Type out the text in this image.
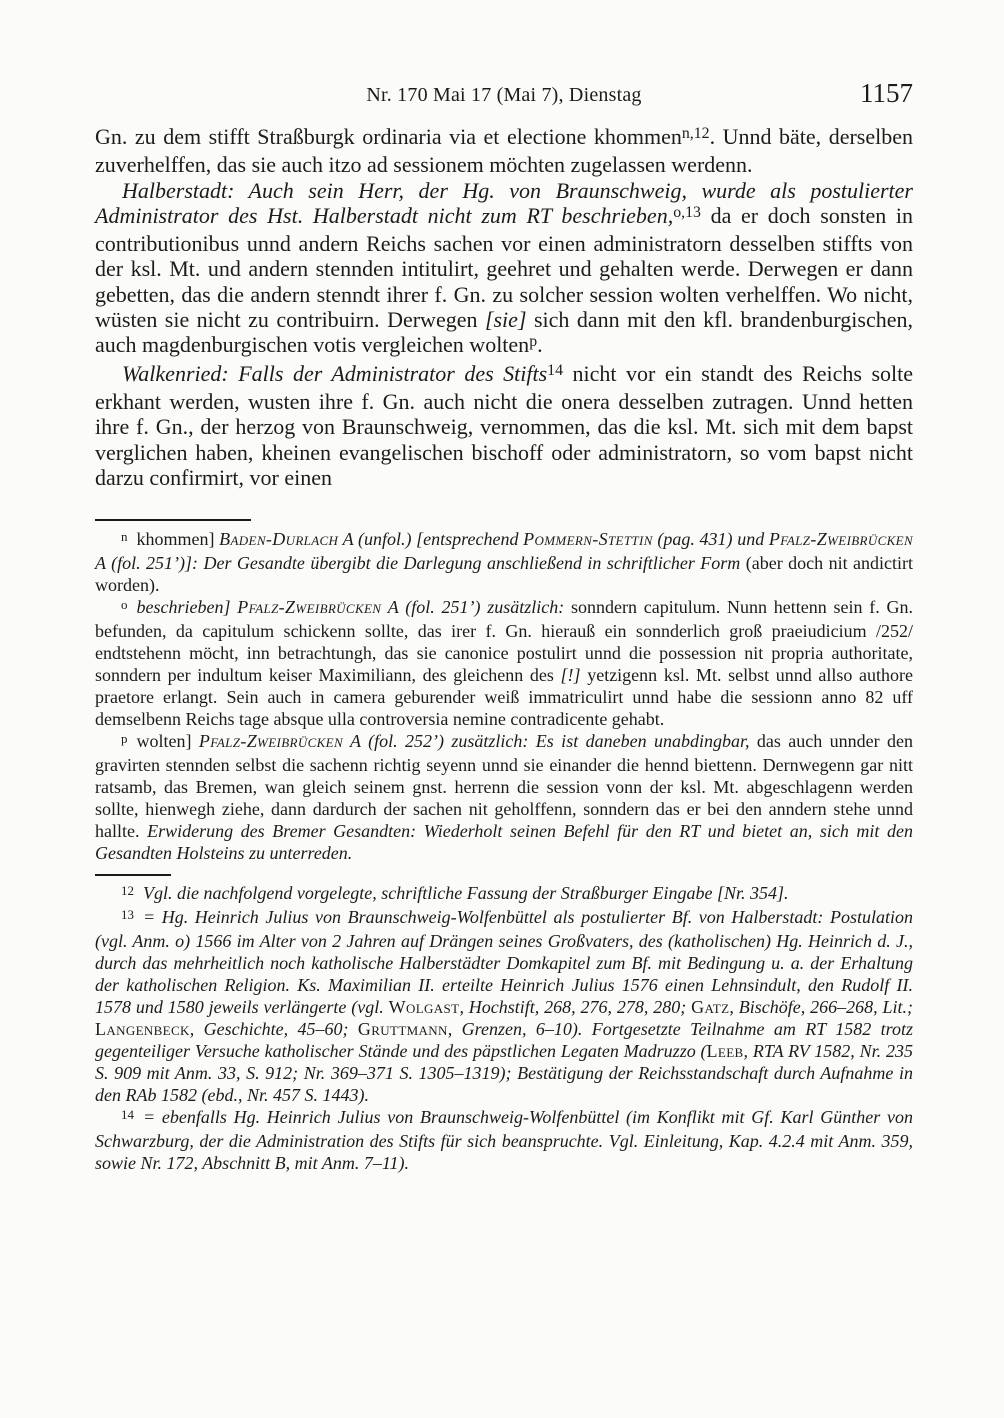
Nr. 170 Mai 17 (Mai 7), Dienstag	1157

Gn. zu dem stifft Straßburgk ordinaria via et electione khommen$^{n,12}$. Unnd bäte, derselben zuverhelffen, das sie auch itzo ad sessionem möchten zugelassen werdenn.

Halberstadt: Auch sein Herr, der Hg. von Braunschweig, wurde als postulierter Administrator des Hst. Halberstadt nicht zum RT beschrieben,$^{o,13}$ da er doch sonsten in contributionibus unnd andern Reichs sachen vor einen administratorn desselben stiffts von der ksl. Mt. und andern stennden intitulirt, geehret und gehalten werde. Derwegen er dann gebetten, das die andern stenndt ihrer f. Gn. zu solcher session wolten verhelffen. Wo nicht, wüsten sie nicht zu contribuirn. Derwegen [sie] sich dann mit den kfl. brandenburgischen, auch magdenburgischen votis vergleichen wolten$^p$.

Walkenried: Falls der Administrator des Stifts$^{14}$ nicht vor ein standt des Reichs solte erkhant werden, wusten ihre f. Gn. auch nicht die onera desselben zutragen. Unnd hetten ihre f. Gn., der herzog von Braunschweig, vernommen, das die ksl. Mt. sich mit dem bapst verglichen haben, kheinen evangelischen bischoff oder administratorn, so vom bapst nicht darzu confirmirt, vor einen

$^n$ khommen] Baden-Durlach A (unfol.) [entsprechend Pommern-Stettin (pag. 431) und Pfalz-Zweibrücken A (fol. 251’)]: Der Gesandte übergibt die Darlegung anschließend in schriftlicher Form (aber doch nit andictirt worden).

$^o$ beschrieben] Pfalz-Zweibrücken A (fol. 251’) zusätzlich: sonndern capitulum. Nunn hettenn sein f. Gn. befunden, da capitulum schickenn sollte, das irer f. Gn. hierauß ein sonnderlich groß praeiudicium /252/ endtstehenn möcht, inn betrachtungh, das sie canonice postulirt unnd die possession nit propria authoritate, sonndern per indultum keiser Maximiliann, des gleichenn des [!] yetzigenn ksl. Mt. selbst unnd allso authore praetore erlangt. Sein auch in camera geburender weiß immatriculirt unnd habe die sessionn anno 82 uff demselbenn Reichs tage absque ulla controversia nemine contradicente gehabt.

$^p$ wolten] Pfalz-Zweibrücken A (fol. 252’) zusätzlich: Es ist daneben unabdingbar, das auch unnder den gravirten stennden selbst die sachenn richtig seyenn unnd sie einander die hennd biettenn. Dernwegenn gar nitt ratsamb, das Bremen, wan gleich seinem gnst. herrenn die session vonn der ksl. Mt. abgeschlagenn werden sollte, hienwegh ziehe, dann dardurch der sachen nit geholffenn, sonndern das er bei den anndern stehe unnd hallte. Erwiderung des Bremer Gesandten: Wiederholt seinen Befehl für den RT und bietet an, sich mit den Gesandten Holsteins zu unterreden.

$^{12}$ Vgl. die nachfolgend vorgelegte, schriftliche Fassung der Straßburger Eingabe [Nr. 354].

$^{13}$ = Hg. Heinrich Julius von Braunschweig-Wolfenbüttel als postulierter Bf. von Halberstadt: Postulation (vgl. Anm. o) 1566 im Alter von 2 Jahren auf Drängen seines Großvaters, des (katholischen) Hg. Heinrich d. J., durch das mehrheitlich noch katholische Halberstädter Domkapitel zum Bf. mit Bedingung u. a. der Erhaltung der katholischen Religion. Ks. Maximilian II. erteilte Heinrich Julius 1576 einen Lehnsindult, den Rudolf II. 1578 und 1580 jeweils verlängerte (vgl. Wolgast, Hochstift, 268, 276, 278, 280; Gatz, Bischöfe, 266–268, Lit.; Langenbeck, Geschichte, 45–60; Gruttmann, Grenzen, 6–10). Fortgesetzte Teilnahme am RT 1582 trotz gegenteiliger Versuche katholischer Stände und des päpstlichen Legaten Madruzzo (Leeb, RTA RV 1582, Nr. 235 S. 909 mit Anm. 33, S. 912; Nr. 369–371 S. 1305–1319); Bestätigung der Reichsstandschaft durch Aufnahme in den RAb 1582 (ebd., Nr. 457 S. 1443).

$^{14}$ = ebenfalls Hg. Heinrich Julius von Braunschweig-Wolfenbüttel (im Konflikt mit Gf. Karl Günther von Schwarzburg, der die Administration des Stifts für sich beanspruchte. Vgl. Einleitung, Kap. 4.2.4 mit Anm. 359, sowie Nr. 172, Abschnitt B, mit Anm. 7–11).
